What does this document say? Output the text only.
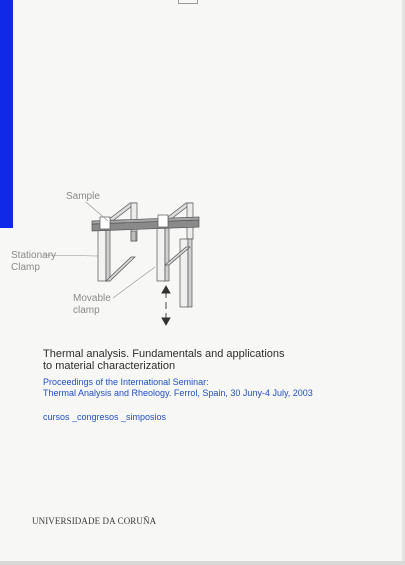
Sample
Stationary
Clamp
Movable
clamp
Thermal analysis. Fundamentals and applications
to material characterization
Proceedings of the International Seminar:
Thermal Analysis and Rheology. Ferrol, Spain, 30 Juny-4 July, 2003
cursos _congresos _simposios
UNIVERSIDADE DA CORUÑA
